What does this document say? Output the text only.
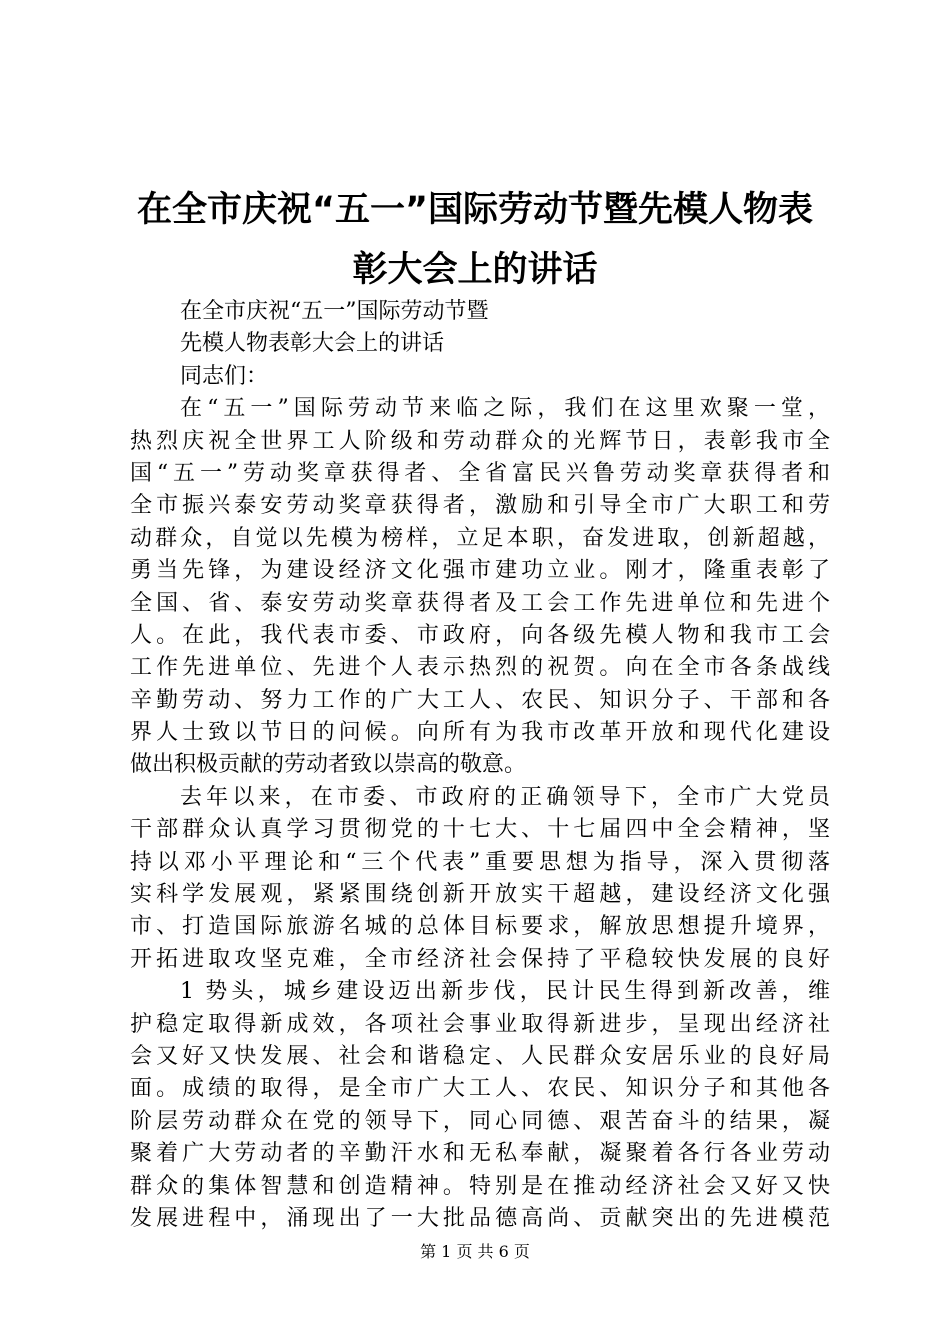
在全市庆祝“五一”国际劳动节暨先模人物表
彰大会上的讲话
在全市庆祝“五一”国际劳动节暨
先模人物表彰大会上的讲话
同志们：
在“五一”国际劳动节来临之际，我们在这里欢聚一堂，
热烈庆祝全世界工人阶级和劳动群众的光辉节日，表彰我市全
国“五一”劳动奖章获得者、全省富民兴鲁劳动奖章获得者和
全市振兴泰安劳动奖章获得者，激励和引导全市广大职工和劳
动群众，自觉以先模为榜样，立足本职，奋发进取，创新超越，
勇当先锋，为建设经济文化强市建功立业。刚才，隆重表彰了
全国、省、泰安劳动奖章获得者及工会工作先进单位和先进个
人。在此，我代表市委、市政府，向各级先模人物和我市工会
工作先进单位、先进个人表示热烈的祝贺。向在全市各条战线
辛勤劳动、努力工作的广大工人、农民、知识分子、干部和各
界人士致以节日的问候。向所有为我市改革开放和现代化建设
做出积极贡献的劳动者致以崇高的敬意。
去年以来，在市委、市政府的正确领导下，全市广大党员
干部群众认真学习贯彻党的十七大、十七届四中全会精神，坚
持以邓小平理论和“三个代表”重要思想为指导，深入贯彻落
实科学发展观，紧紧围绕创新开放实干超越，建设经济文化强
市、打造国际旅游名城的总体目标要求，解放思想提升境界，
开拓进取攻坚克难，全市经济社会保持了平稳较快发展的良好
1 势头，城乡建设迈出新步伐，民计民生得到新改善，维
护稳定取得新成效，各项社会事业取得新进步，呈现出经济社
会又好又快发展、社会和谐稳定、人民群众安居乐业的良好局
面。成绩的取得，是全市广大工人、农民、知识分子和其他各
阶层劳动群众在党的领导下，同心同德、艰苦奋斗的结果，凝
聚着广大劳动者的辛勤汗水和无私奉献，凝聚着各行各业劳动
群众的集体智慧和创造精神。特别是在推动经济社会又好又快
发展进程中，涌现出了一大批品德高尚、贡献突出的先进模范
第 1 页 共 6 页
